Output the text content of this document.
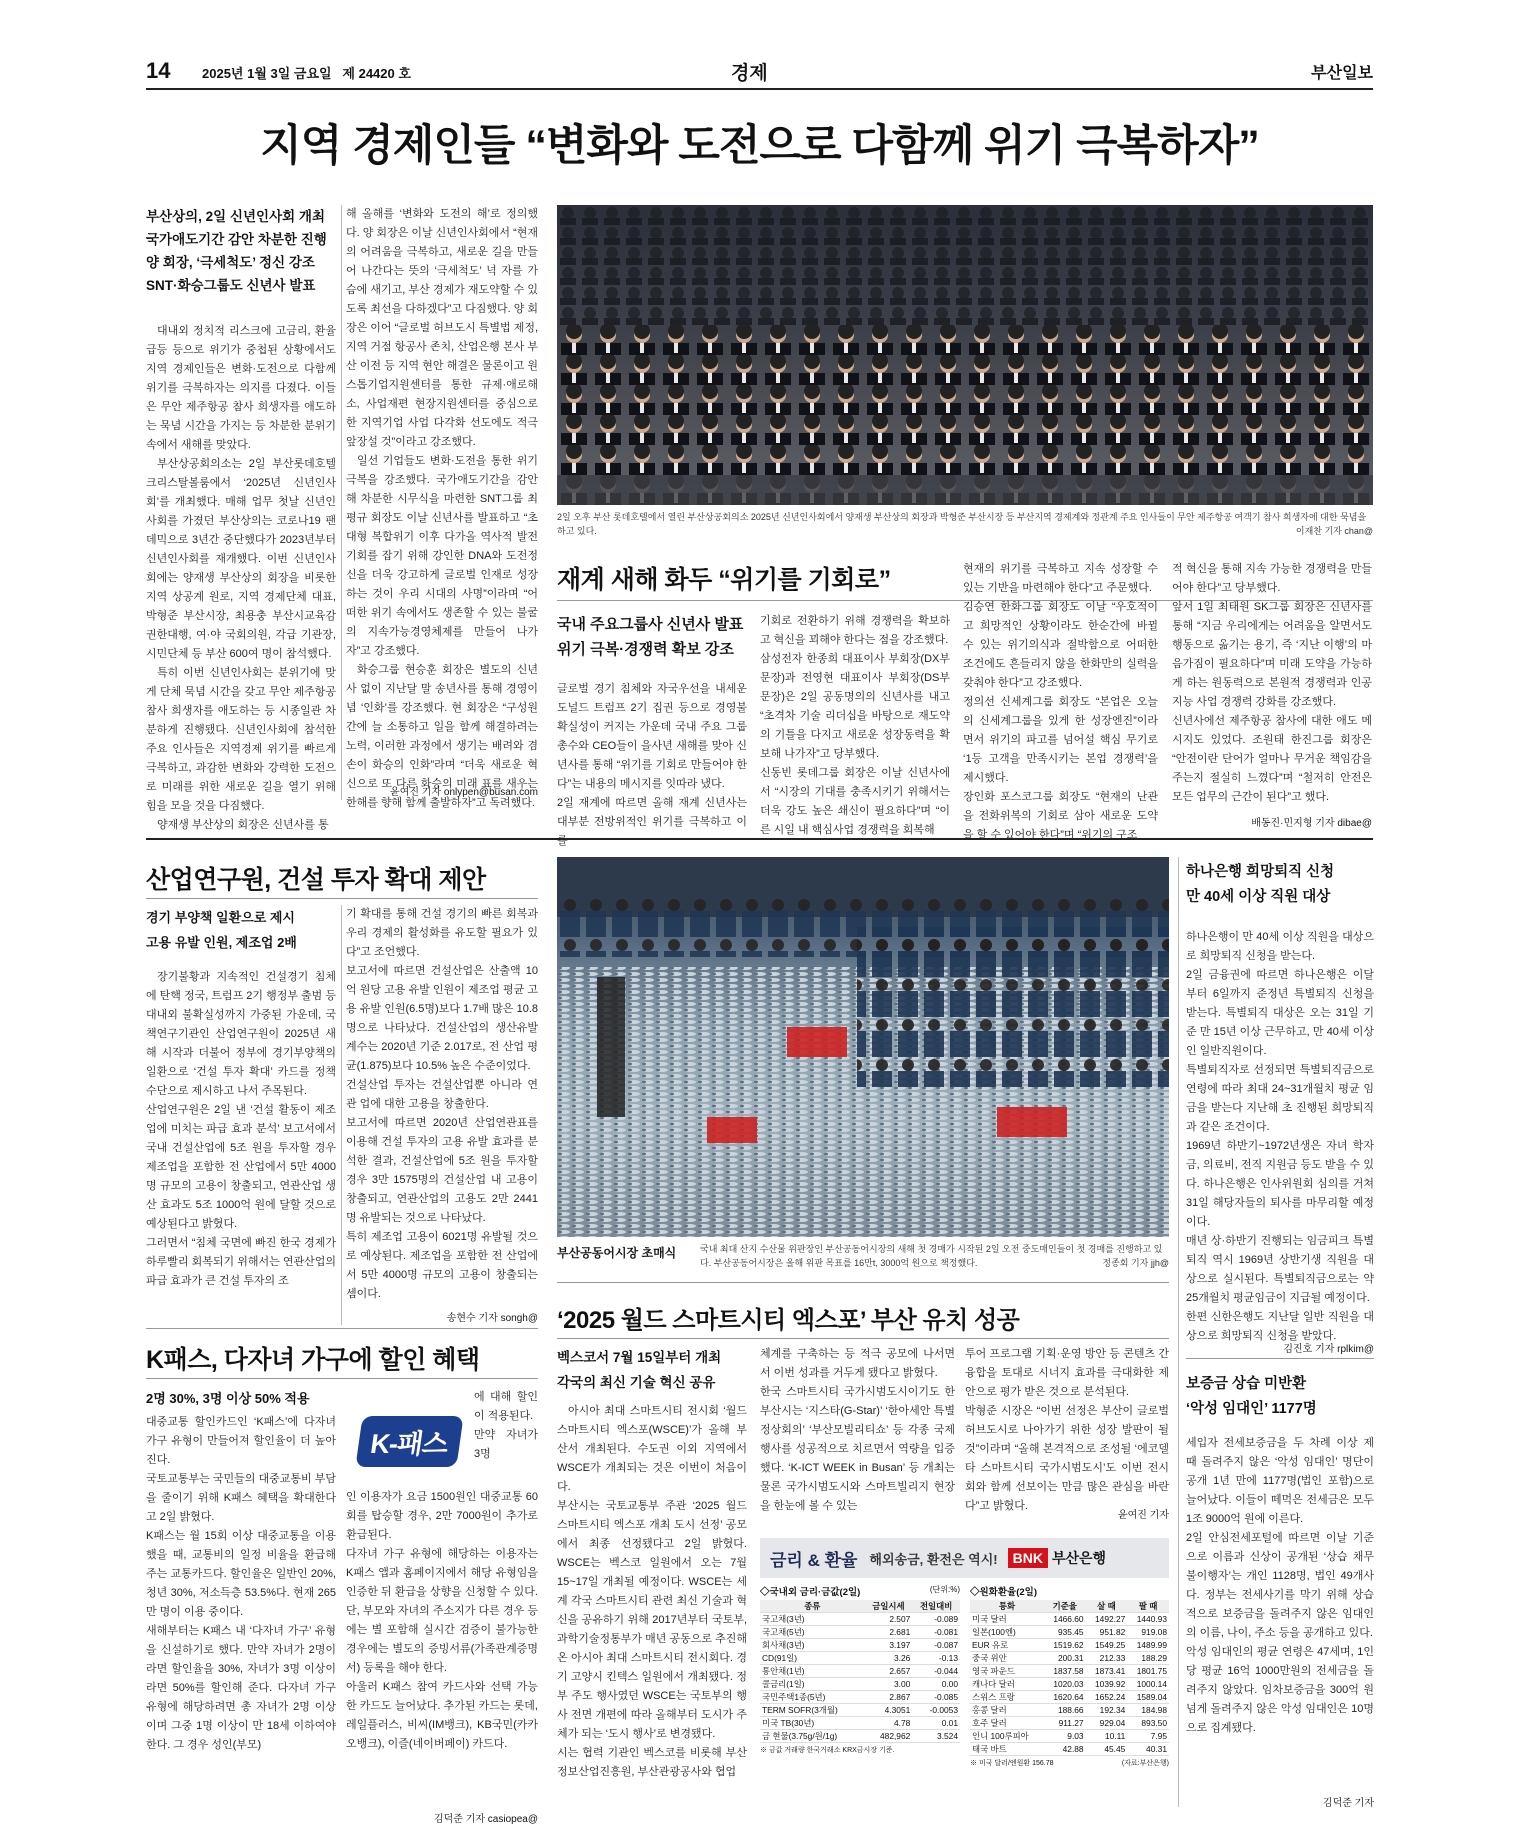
14 2025년 1월 3일 금요일 제 24420 호	경제	부산일보
지역 경제인들 “변화와 도전으로 다함께 위기 극복하자”
부산상의, 2일 신년인사회 개최
국가애도기간 감안 차분한 진행
양 회장, ‘극세척도’ 정신 강조
SNT·화승그룹도 신년사 발표

대내외 정치적 리스크에 고금리, 환율 급등 등으로 위기가 중첩된 상황에서도 지역 경제인들은 변화·도전으로 다함께 위기를 극복하자는 의지를 다졌다. 이들은 무안 제주항공 참사 희생자를 애도하는 묵념 시간을 가지는 등 차분한 분위기 속에서 새해를 맞았다.

부산상공회의소는 2일 부산롯데호텔 크리스탈볼룸에서 ‘2025년 신년인사회’를 개최했다. 매해 업무 첫날 신년인사회를 가졌던 부산상의는 코로나19 팬데믹으로 3년간 중단했다가 2023년부터 신년인사회를 재개했다. 이번 신년인사회에는 양재생 부산상의 회장을 비롯한 지역 상공계 원로, 지역 경제단체 대표, 박형준 부산시장, 최용충 부산시교육감 권한대행, 여·야 국회의원, 각급 기관장, 시민단체 등 부산 600여 명이 참석했다.

특히 이번 신년인사회는 분위기에 맞게 단체 묵념 시간을 갖고 무안 제주항공 참사 희생자를 애도하는 등 시종일관 차분하게 진행됐다. 신년인사회에 참석한 주요 인사들은 지역경제 위기를 빠르게 극복하고, 과감한 변화와 강력한 도전으로 미래를 위한 새로운 길을 열기 위해 힘을 모을 것을 다짐했다.

양재생 부산상의 회장은 신년사를 통

해 올해를 ‘변화와 도전의 해’로 정의했다. 양 회장은 이날 신년인사회에서 “현재의 어려움을 극복하고, 새로운 길을 만들어 나간다는 뜻의 ‘극세척도’ 넉 자를 가슴에 새기고, 부산 경제가 재도약할 수 있도록 최선을 다하겠다”고 다짐했다. 양 회장은 이어 “글로벌 허브도시 특별법 제정, 지역 거점 항공사 존치, 산업은행 본사 부산 이전 등 지역 현안 해결은 물론이고 원스톱기업지원센터를 통한 규제·애로해소, 사업재편 현장지원센터를 중심으로 한 지역기업 사업 다각화 선도에도 적극 앞장설 것”이라고 강조했다.

일선 기업들도 변화·도전을 통한 위기 극복을 강조했다. 국가애도기간을 감안해 차분한 시무식을 마련한 SNT그룹 최평규 회장도 이날 신년사를 발표하고 “초대형 복합위기 이후 다가올 역사적 발전 기회를 잡기 위해 강인한 DNA와 도전정신을 더욱 강고하게 글로벌 인재로 성장하는 것이 우리 시대의 사명”이라며 “어떠한 위기 속에서도 생존할 수 있는 불굴의 지속가능경영체제를 만들어 나가자”고 강조했다.

화승그룹 현승훈 회장은 별도의 신년사 없이 지난달 말 송년사를 통해 경영이념 ‘인화’를 강조했다. 현 회장은 “구성원간에 늘 소통하고 일을 함께 해결하려는 노력, 이러한 과정에서 생기는 배려와 겸손이 화승의 인화”라며 “더욱 새로운 혁신으로 또 다른 화승의 미래 표를 새우는 한해를 향해 함께 출발하자”고 독려했다.

윤여진 기자 onlypen@busan.com
2일 오후 부산 롯데호텔에서 열린 부산상공회의소 2025년 신년인사회에서 양재생 부산상의 회장과 박형준 부산시장 등 부산지역 경제계와 정관계 주요 인사들이 무안 제주항공 여객기 참사 희생자에 대한 묵념을 하고 있다.	이재찬 기자 chan@
재계 새해 화두 “위기를 기회로”
국내 주요그룹사 신년사 발표
위기 극복·경쟁력 확보 강조
글로벌 경기 침체와 자국우선을 내세운 도널드 트럼프 2기 집권 등으로 경영불확실성이 커지는 가운데 국내 주요 그룹 총수와 CEO들이 을사년 새해를 맞아 신년사를 통해 “위기를 기회로 만들어야 한다”는 내용의 메시지를 잇따라 냈다.
2일 재계에 따르면 올해 재계 신년사는 대부분 전방위적인 위기를 극복하고 이를
기회로 전환하기 위해 경쟁력을 확보하고 혁신을 꾀해야 한다는 점을 강조했다.
삼성전자 한종희 대표이사 부회장(DX부문장)과 전영현 대표이사 부회장(DS부문장)은 2일 공동명의의 신년사를 내고 “초격차 기술 리더십을 바탕으로 재도약의 기틀을 다지고 새로운 성장동력을 확보해 나가자”고 당부했다.
신동빈 롯데그룹 회장은 이날 신년사에서 “시장의 기대를 충족시키기 위해서는 더욱 강도 높은 쇄신이 필요하다”며 “이른 시일 내 핵심사업 경쟁력을 회복해
현재의 위기를 극복하고 지속 성장할 수 있는 기반을 마련해야 한다”고 주문했다.
김승연 한화그룹 회장도 이날 “우호적이고 희망적인 상황이라도 한순간에 바뀔 수 있는 위기의식과 절박함으로 어떠한 조건에도 흔들리지 않을 한화만의 실력을 갖춰야 한다”고 강조했다.
정의선 신세계그룹 회장도 “본업은 오늘의 신세계그룹을 있게 한 성장엔진”이라면서 위기의 파고를 넘어설 핵심 무기로 ‘1등 고객을 만족시키는 본업 경쟁력’을 제시했다.
장인화 포스코그룹 회장도 “현재의 난관을 전화위복의 기회로 삼아 새로운 도약을 할 수 있어야 한다”며 “위기의 구조
적 혁신을 통해 지속 가능한 경쟁력을 만들어야 한다”고 당부했다.
앞서 1일 최태원 SK그룹 회장은 신년사를 통해 “지금 우리에게는 어려움을 알면서도 행동으로 옮기는 용기, 즉 ‘지난 이행’의 마음가짐이 필요하다”며 미래 도약을 가능하게 하는 원동력으로 본원적 경쟁력과 인공지능 사업 경쟁력 강화를 강조했다.
신년사에선 제주항공 참사에 대한 애도 메시지도 있었다. 조원태 한진그룹 회장은 “안전이란 단어가 얼마나 무거운 책임감을 주는지 절실히 느꼈다”며 “철저히 안전은 모든 업무의 근간이 된다”고 했다.
배동진·민지형 기자 dibae@
산업연구원, 건설 투자 확대 제안
경기 부양책 일환으로 제시
고용 유발 인원, 제조업 2배
장기불황과 지속적인 건설경기 침체에 탄핵 정국, 트럼프 2기 행정부 출범 등 대내외 불확실성까지 가중된 가운데, 국책연구기관인 산업연구원이 2025년 새해 시작과 더불어 정부에 경기부양책의 일환으로 ‘건설 투자 확대’ 카드를 정책 수단으로 제시하고 나서 주목된다.
산업연구원은 2일 낸 ‘건설 활동이 제조업에 미치는 파급 효과 분석’ 보고서에서 국내 건설산업에 5조 원을 투자할 경우 제조업을 포함한 전 산업에서 5만 4000명 규모의 고용이 창출되고, 연관산업 생산 효과도 5조 1000억 원에 달할 것으로 예상된다고 밝혔다.
그러면서 “침체 국면에 빠진 한국 경제가 하루빨리 회복되기 위해서는 연관산업의 파급 효과가 큰 건설 투자의 조
기 확대를 통해 건설 경기의 빠른 회복과 우리 경제의 활성화를 유도할 필요가 있다”고 조언했다.
보고서에 따르면 건설산업은 산출액 10억 원당 고용 유발 인원이 제조업 평균 고용 유발 인원(6.5명)보다 1.7배 많은 10.8명으로 나타났다. 건설산업의 생산유발계수는 2020년 기준 2.017로, 전 산업 평균(1.875)보다 10.5% 높은 수준이었다.
건설산업 투자는 건설산업뿐 아니라 연관 업에 대한 고용을 창출한다.
보고서에 따르면 2020년 산업연관표를 이용해 건설 투자의 고용 유발 효과를 분석한 결과, 건설산업에 5조 원을 투자할 경우 3만 1575명의 건설산업 내 고용이 창출되고, 연관산업의 고용도 2만 2441명 유발되는 것으로 나타났다.
특히 제조업 고용이 6021명 유발될 것으로 예상된다. 제조업을 포함한 전 산업에서 5만 4000명 규모의 고용이 창출되는 셈이다.
송현수 기자 songh@
부산공동어시장 초매식	국내 최대 산지 수산물 위판장인 부산공동어시장의 새해 첫 경매가 시작된 2일 오전 중도매인들이 첫 경매를 진행하고 있다. 부산공동어시장은 올해 위판 목표를 16만t, 3000억 원으로 책정했다.	정종회 기자 jjh@
하나은행 희망퇴직 신청
만 40세 이상 직원 대상
하나은행이 만 40세 이상 직원을 대상으로 희망퇴직 신청을 받는다.
2일 금융권에 따르면 하나은행은 이달부터 6일까지 준정년 특별퇴직 신청을 받는다. 특별퇴직 대상은 오는 31일 기준 만 15년 이상 근무하고, 만 40세 이상인 일반직원이다.
특별퇴직자로 선정되면 특별퇴직금으로 연령에 따라 최대 24~31개월치 평균 임금을 받는다 지난해 초 진행된 희망퇴직과 같은 조건이다.
1969년 하반기~1972년생은 자녀 학자금, 의료비, 전직 지원금 등도 받을 수 있다. 하나은행은 인사위원회 심의를 거쳐 31일 해당자들의 퇴사를 마무리할 예정이다.
매년 상·하반기 진행되는 임금피크 특별퇴직 역시 1969년 상반기생 직원을 대상으로 실시된다. 특별퇴직금으로는 약 25개월치 평균임금이 지급될 예정이다.
한편 신한은행도 지난달 일반 직원을 대상으로 희망퇴직 신청을 받았다.
김진호 기자 rplkim@
보증금 상습 미반환
‘악성 임대인’ 1177명
세입자 전세보증금을 두 차례 이상 제 때 돌려주지 않은 ‘악성 임대인’ 명단이 공개 1년 만에 1177명(법인 포함)으로 늘어났다. 이들이 떼먹은 전세금은 모두 1조 9000억 원에 이른다.
2일 안심전세포털에 따르면 이날 기준으로 이름과 신상이 공개된 ‘상습 채무 불이행자’는 개인 1128명, 법인 49개사다. 정부는 전세사기를 막기 위해 상습적으로 보증금을 돌려주지 않은 임대인의 이름, 나이, 주소 등을 공개하고 있다.
악성 임대인의 평균 연령은 47세며, 1인당 평균 16억 1000만원의 전세금을 돌려주지 않았다. 임차보증금을 300억 원 넘게 돌려주지 않은 악성 임대인은 10명으로 집계됐다.
김덕준 기자
K패스, 다자녀 가구에 할인 혜택
2명 30%, 3명 이상 50% 적용
대중교통 할인카드인 ‘K패스’에 다자녀 가구 유형이 만들어져 할인율이 더 높아진다.
국토교통부는 국민들의 대중교통비 부담을 줄이기 위해 K패스 혜택을 확대한다고 2일 밝혔다.
K패스는 월 15회 이상 대중교통을 이용했을 때, 교통비의 일정 비율을 환급해 주는 교통카드다. 할인율은 일반인 20%, 청년 30%, 저소득층 53.5%다. 현재 265만 명이 이용 중이다.
새해부터는 K패스 내 ‘다자녀 가구’ 유형을 신설하기로 했다. 만약 자녀가 2명이라면 할인율을 30%, 자녀가 3명 이상이라면 50%를 할인해 준다. 다자녀 가구 유형에 해당하려면 총 자녀가 2명 이상이며 그중 1명 이상이 만 18세 이하여야 한다. 그 경우 성인(부모)
K-패스
에 대해 할인이 적용된다.
만약 자녀가 3명
인 이용자가 요금 1500원인 대중교통 60회를 탑승할 경우, 2만 7000원이 추가로 환급된다.
다자녀 가구 유형에 해당하는 이용자는 K패스 앱과 홈페이지에서 해당 유형임을 인증한 뒤 환급을 상향을 신청할 수 있다. 단, 부모와 자녀의 주소지가 다른 경우 등에는 별 포함해 실시간 검증이 불가능한 경우에는 별도의 증빙서류(가족관계증명서) 등록을 해야 한다.
아울러 K패스 참여 카드사와 선택 가능한 카드도 늘어났다. 추가된 카드는 롯데, 레일플러스, 비씨(IM뱅크), KB국민(카카오뱅크), 이즐(네이버페이) 카드다.
김덕준 기자 casiopea@
‘2025 월드 스마트시티 엑스포’ 부산 유치 성공
벡스코서 7월 15일부터 개최
각국의 최신 기술 혁신 공유
아시아 최대 스마트시티 전시회 ‘월드 스마트시티 엑스포(WSCE)’가 올해 부산서 개최된다. 수도권 이외 지역에서 WSCE가 개최되는 것은 이번이 처음이다.
부산시는 국토교통부 주관 ‘2025 월드 스마트시티 엑스포 개최 도시 선정’ 공모에서 최종 선정됐다고 2일 밝혔다. WSCE는 벡스코 일원에서 오는 7월 15~17일 개최될 예정이다. WSCE는 세계 각국 스마트시티 관련 최신 기술과 혁신을 공유하기 위해 2017년부터 국토부, 과학기술정통부가 매년 공동으로 추진해온 아시아 최대 스마트시티 전시회다. 경기 고양시 킨텍스 일원에서 개최됐다. 정부 주도 행사였던 WSCE는 국토부의 행사 전면 개편에 따라 올해부터 도시가 주체가 되는 ‘도시 행사’로 변경됐다.
시는 협력 기관인 벡스코를 비롯해 부산정보산업진흥원, 부산관광공사와 협업
체계를 구축하는 등 적극 공모에 나서면서 이번 성과를 거두게 됐다고 밝혔다.
한국 스마트시티 국가시범도시이기도 한 부산시는 ‘지스타(G-Star)’ ‘한아세안 특별정상회의’ ‘부산모빌리티쇼’ 등 각종 국제행사를 성공적으로 치르면서 역량을 입증했다. ‘K-ICT WEEK in Busan’ 등 개최는 물론 국가시범도시와 스마트빌리지 현장을 한눈에 볼 수 있는
투어 프로그램 기획·운영 방안 등 콘텐츠 간 융합을 토대로 시너지 효과를 극대화한 제안으로 평가 받은 것으로 분석된다.
박형준 시장은 “이번 선정은 부산이 글로벌 허브도시로 나아가기 위한 성장 발판이 될 것”이라며 “올해 본격적으로 조성될 ‘에코델타 스마트시티 국가시범도시’도 이번 전시회와 함께 선보이는 만큼 많은 관심을 바란다”고 밝혔다.
윤여진 기자
금리 & 환율 해외송금, 환전은 역시!	BNK 부산은행
◇국내외 금리·금값(2일)	(단위:%)
종류	금일시세	전일대비
국고채(3년)	2.507	-0.089
국고채(5년)	2.681	-0.081
회사채(3년)	3.197	-0.087
CD(91일)	3.26	-0.13
통안채(1년)	2.657	-0.044
콜금리(1일)	3.00	0.00
국민주택1종(5년)	2.867	-0.085
TERM SOFR(3개월)	4.3051	-0.0053
미국 TB(30년)	4.78	0.01
금 현물(3.75g/원/1g)	482,962	3.524
※ 금값 거래량 한국거래소 KRX금시장 기준.
◇원화환율(2일)
통화	기준율	살 때	팔 때
미국 달러	1466.60	1492.27	1440.93
일본(100엔)	935.45	951.82	919.08
EUR 유로	1519.62	1549.25	1489.99
중국 위안	200.31	212.33	188.29
영국 파운드	1837.58	1873.41	1801.75
캐나다 달러	1020.03	1039.92	1000.14
스위스 프랑	1620.64	1652.24	1589.04
홍콩 달러	188.66	192.34	184.98
호주 달러	911.27	929.04	893.50
인니 100루피아	9.03	10.11	7.95
태국 바트	42.88	45.45	40.31
※ 미국 달러/엔원환 156.78	(자료:부산은행)
